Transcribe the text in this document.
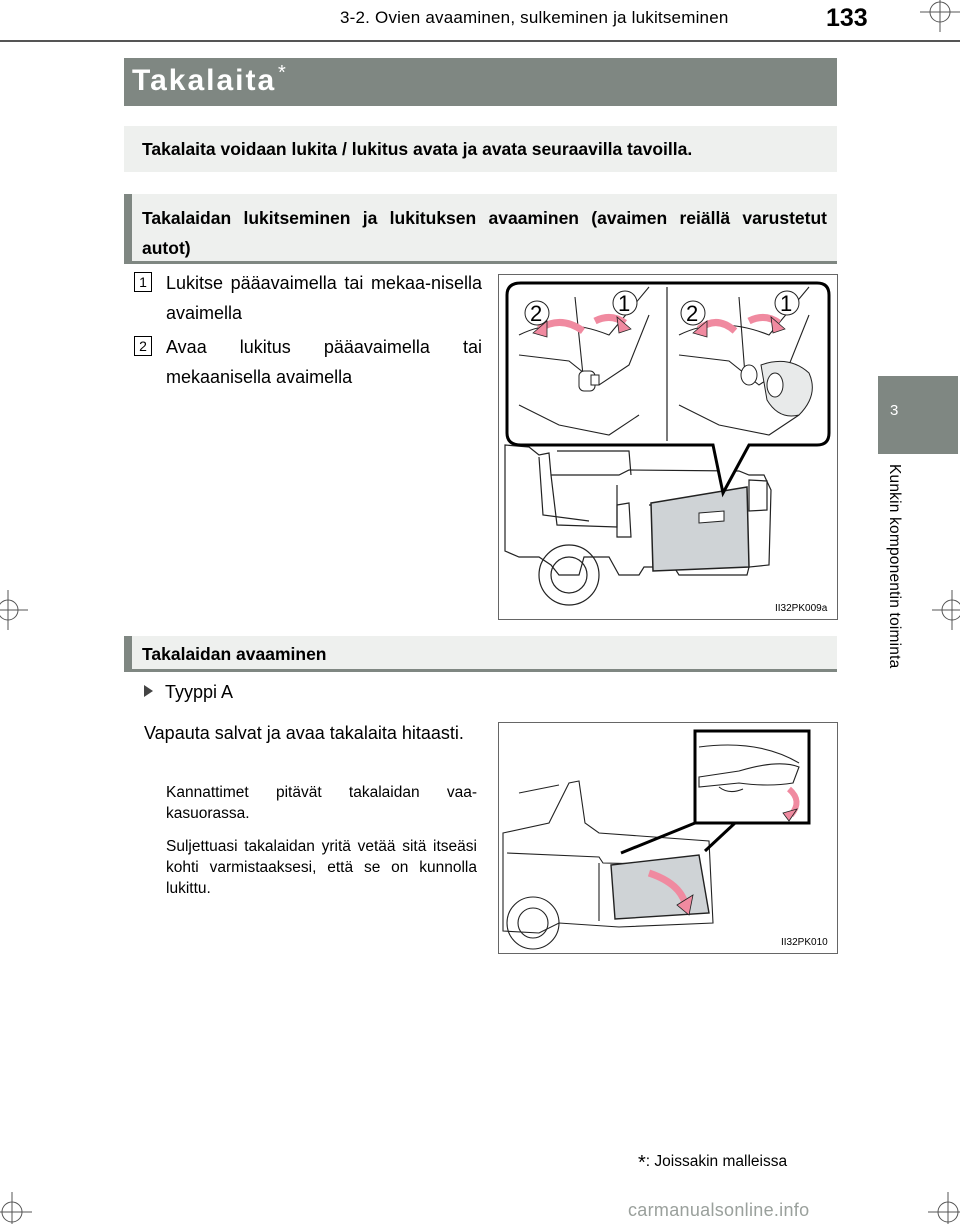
3-2. Ovien avaaminen, sulkeminen ja lukitseminen	133
Takalaita *
Takalaita voidaan lukita / lukitus avata ja avata seuraavilla tavoilla.
Takalaidan lukitseminen ja lukituksen avaaminen (avaimen reiällä varustetut autot)
1 Lukitse pääavaimella tai mekaa-nisella avaimella
2 Avaa lukitus pääavaimella tai mekaanisella avaimella
2	1	2	1
II32PK009a
Takalaidan avaaminen
Tyyppi A
Vapauta salvat ja avaa takalaita hitaasti.
Kannattimet pitävät takalaidan vaa-kasuorassa.
Suljettuasi takalaidan yritä vetää sitä itseäsi kohti varmistaaksesi, että se on kunnolla lukittu.
II32PK010
3
Kunkin komponentin toiminta
*: Joissakin malleissa
carmanualsonline.info
